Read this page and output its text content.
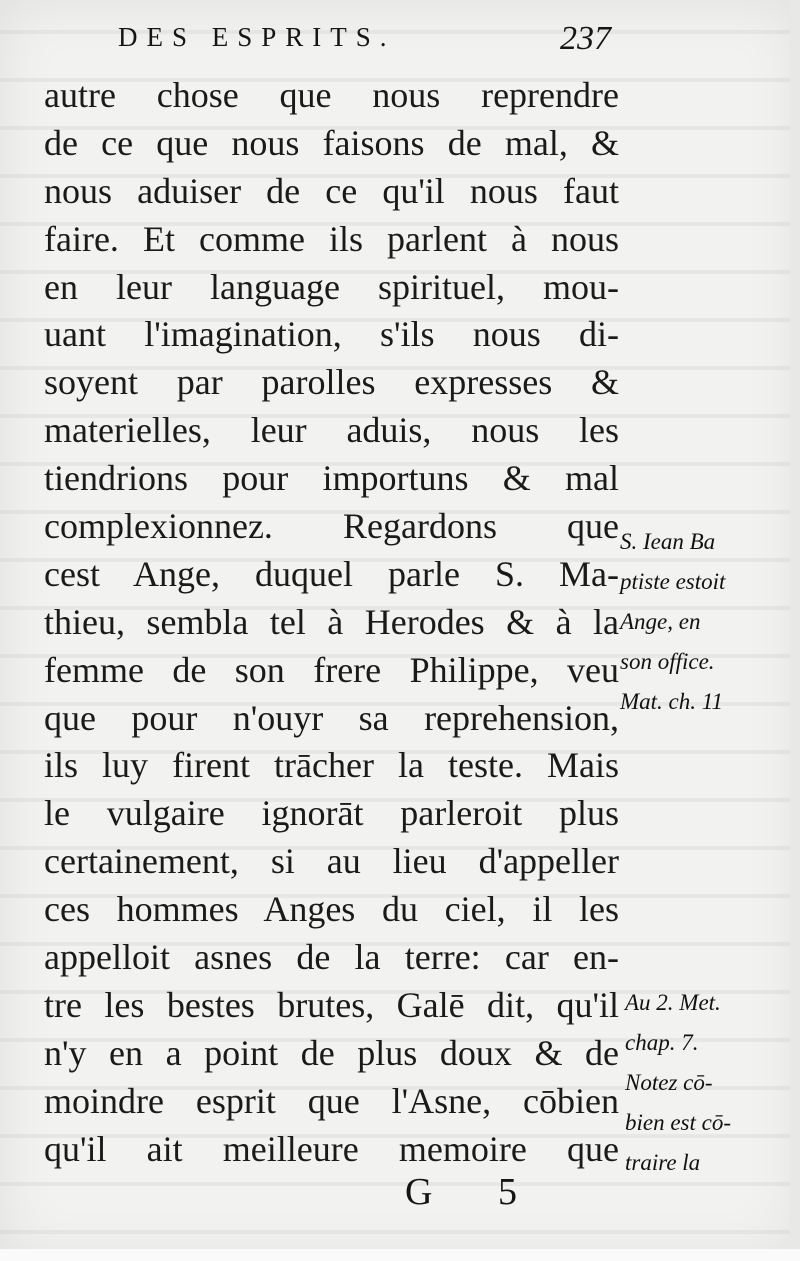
DES ESPRITS.	237
autre chose que nous reprendre
de ce que nous faisons de mal, &
nous aduiser de ce qu'il nous faut
faire. Et comme ils parlent à nous
en leur language spirituel, mou-
uant l'imagination, s'ils nous di-
soyent par parolles expresses &
materielles, leur aduis, nous les
tiendrions pour importuns & mal
complexionnez. Regardons que
cest Ange, duquel parle S. Ma-
thieu, sembla tel à Herodes & à la
femme de son frere Philippe, veu
que pour n'ouyr sa reprehension,
ils luy firent trācher la teste. Mais
le vulgaire ignorāt parleroit plus
certainement, si au lieu d'appeller
ces hommes Anges du ciel, il les
appelloit asnes de la terre: car en-
tre les bestes brutes, Galē dit, qu'il
n'y en a point de plus doux & de
moindre esprit que l'Asne, cōbien
qu'il ait meilleure memoire que
S. Iean Ba
ptiste estoit
Ange, en
son office.
Mat. ch. 11
Au 2. Met.
chap. 7.
Notez cō-
bien est cō-
traire la
G 5
